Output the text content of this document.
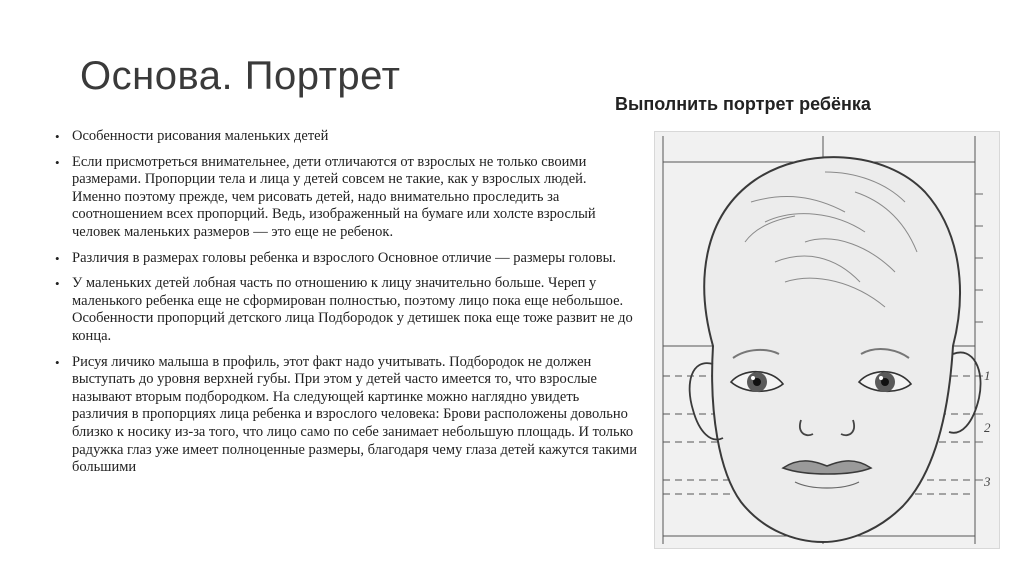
Основа. Портрет
Выполнить портрет ребёнка
• Особенности рисования маленьких детей
• Если присмотреться внимательнее, дети отличаются от взрослых не только своими размерами. Пропорции тела и лица у детей совсем не такие, как у взрослых людей. Именно поэтому прежде, чем рисовать детей, надо внимательно проследить за соотношением всех пропорций. Ведь, изображенный на бумаге или холсте взрослый человек маленьких размеров — это еще не ребенок.
• Различия в размерах головы ребенка и взрослого Основное отличие — размеры головы.
• У маленьких детей лобная часть по отношению к лицу значительно больше. Череп у маленького ребенка еще не сформирован полностью, поэтому лицо пока еще небольшое. Особенности пропорций детского лица Подбородок у детишек пока еще тоже развит не до конца.
• Рисуя личико малыша в профиль, этот факт надо учитывать. Подбородок не должен выступать до уровня верхней губы. При этом у детей часто имеется то, что взрослые называют вторым подбородком. На следующей картинке можно наглядно увидеть различия в пропорциях лица ребенка и взрослого человека: Брови расположены довольно близко к носику из-за того, что лицо само по себе занимает небольшую площадь. И только радужка глаз уже имеет полноценные размеры, благодаря чему глаза детей кажутся такими большими
1
2
3
